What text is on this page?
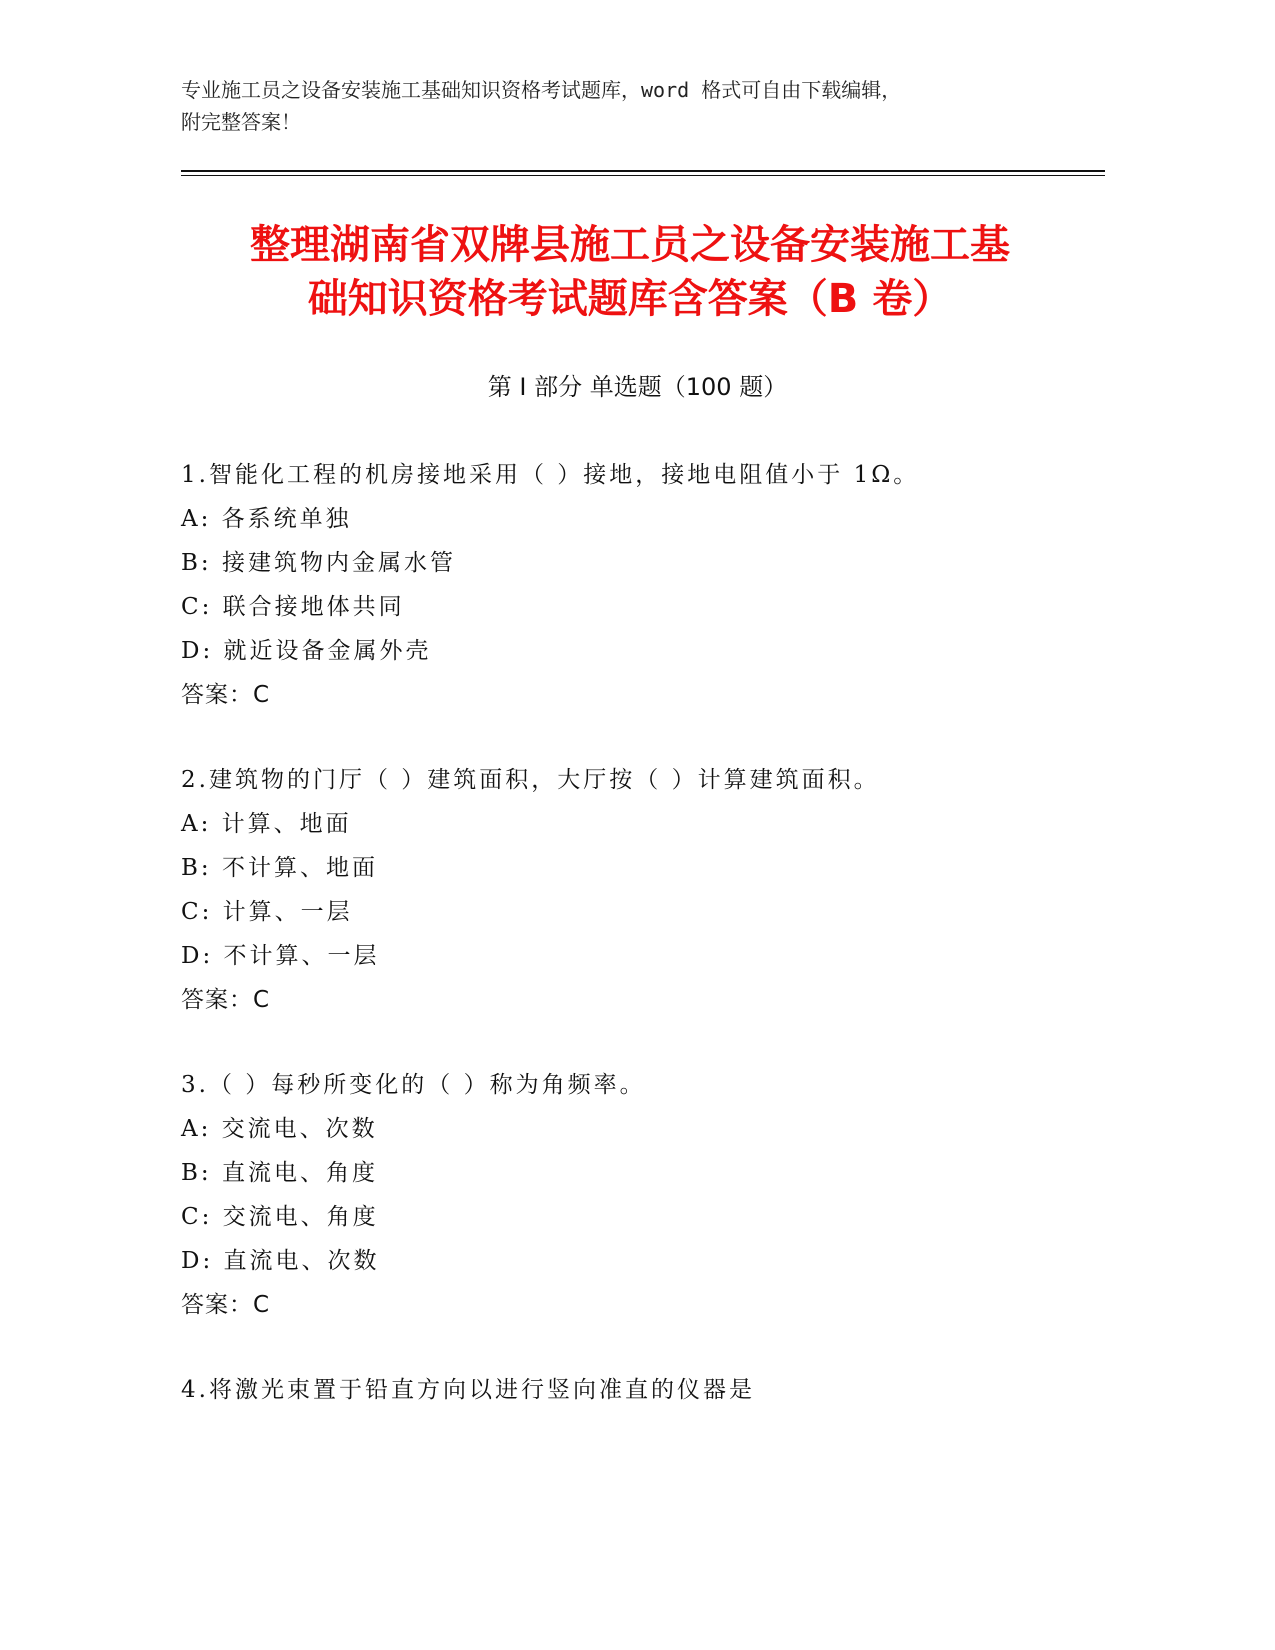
专业施工员之设备安装施工基础知识资格考试题库，word 格式可自由下载编辑，
附完整答案！
整理湖南省双牌县施工员之设备安装施工基
础知识资格考试题库含答案（B 卷）
第 I 部分 单选题（100 题）
1.智能化工程的机房接地采用（ ）接地，接地电阻值小于 1Ω。
A: 各系统单独
B: 接建筑物内金属水管
C: 联合接地体共同
D: 就近设备金属外壳
答案：C
2.建筑物的门厅（ ）建筑面积，大厅按（ ）计算建筑面积。
A: 计算、地面
B: 不计算、地面
C: 计算、一层
D: 不计算、一层
答案：C
3.（ ）每秒所变化的（ ）称为角频率。
A: 交流电、次数
B: 直流电、角度
C: 交流电、角度
D: 直流电、次数
答案：C
4.将激光束置于铅直方向以进行竖向准直的仪器是
